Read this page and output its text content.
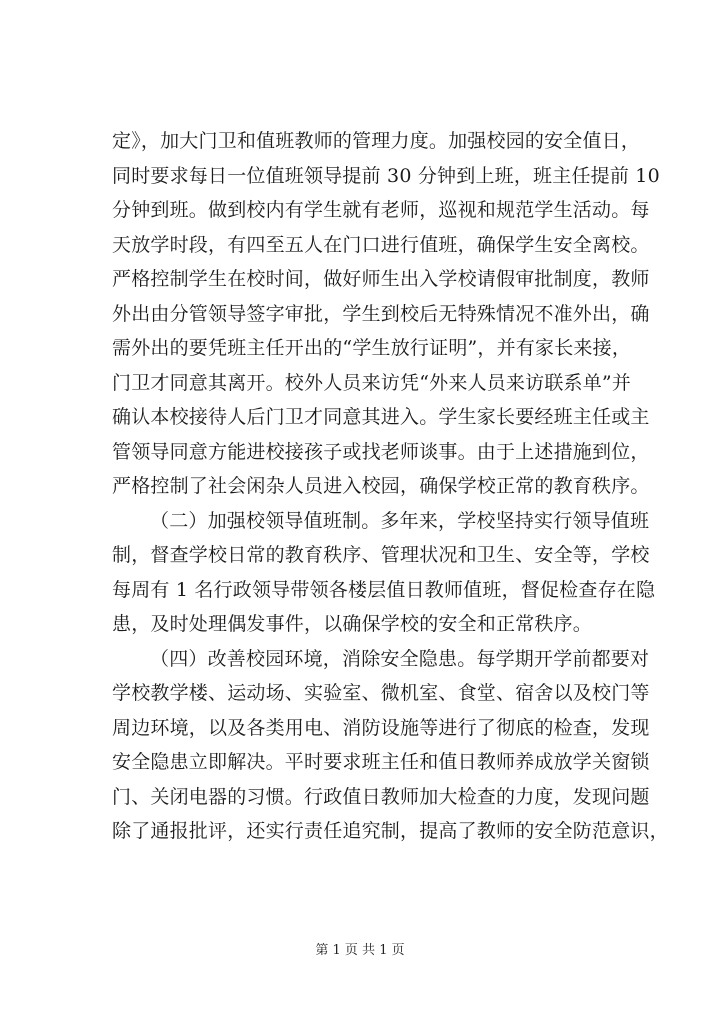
定》，加大门卫和值班教师的管理力度。加强校园的安全值日，
同时要求每日一位值班领导提前 30 分钟到上班，班主任提前 10
分钟到班。做到校内有学生就有老师，巡视和规范学生活动。每
天放学时段，有四至五人在门口进行值班，确保学生安全离校。
严格控制学生在校时间，做好师生出入学校请假审批制度，教师
外出由分管领导签字审批，学生到校后无特殊情况不准外出，确
需外出的要凭班主任开出的“学生放行证明”，并有家长来接，
门卫才同意其离开。校外人员来访凭“外来人员来访联系单”并
确认本校接待人后门卫才同意其进入。学生家长要经班主任或主
管领导同意方能进校接孩子或找老师谈事。由于上述措施到位，
严格控制了社会闲杂人员进入校园，确保学校正常的教育秩序。
（二）加强校领导值班制。多年来，学校坚持实行领导值班
制，督查学校日常的教育秩序、管理状况和卫生、安全等，学校
每周有 1 名行政领导带领各楼层值日教师值班，督促检查存在隐
患，及时处理偶发事件，以确保学校的安全和正常秩序。
（四）改善校园环境，消除安全隐患。每学期开学前都要对
学校教学楼、运动场、实验室、微机室、食堂、宿舍以及校门等
周边环境，以及各类用电、消防设施等进行了彻底的检查，发现
安全隐患立即解决。平时要求班主任和值日教师养成放学关窗锁
门、关闭电器的习惯。行政值日教师加大检查的力度，发现问题
除了通报批评，还实行责任追究制，提高了教师的安全防范意识，
第 1 页 共 1 页
